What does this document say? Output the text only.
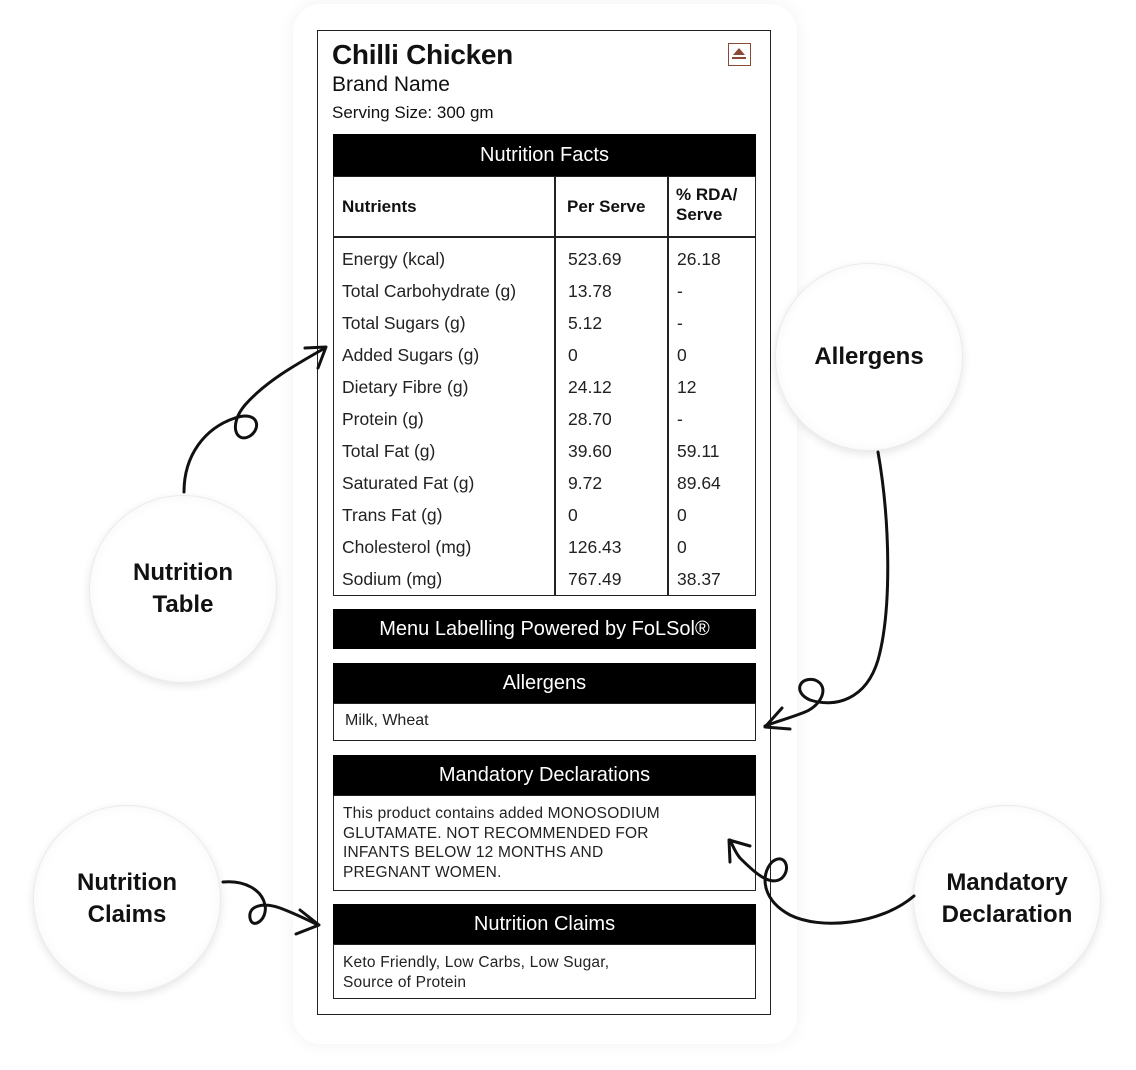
Chilli Chicken
Brand Name
Serving Size: 300 gm
Nutrition Facts
Nutrients	Per Serve
% RDA/
Serve
Energy (kcal)	523.69	26.18
Total Carbohydrate (g)	13.78	-
Total Sugars (g)	5.12	-
Added Sugars (g)	0	0
Dietary Fibre (g)	24.12	12
Protein (g)	28.70	-
Total Fat (g)	39.60	59.11
Saturated Fat (g)	9.72	89.64
Trans Fat (g)	0	0
Cholesterol (mg)	126.43	0
Sodium (mg)	767.49	38.37
Menu Labelling Powered by FoLSol®
Allergens
Milk, Wheat
Mandatory Declarations
This product contains added MONOSODIUM
GLUTAMATE. NOT RECOMMENDED FOR
INFANTS BELOW 12 MONTHS AND
PREGNANT WOMEN.
Nutrition Claims
Keto Friendly, Low Carbs, Low Sugar,
Source of Protein
Nutrition
Table
Allergens
Nutrition
Claims
Mandatory
Declaration
